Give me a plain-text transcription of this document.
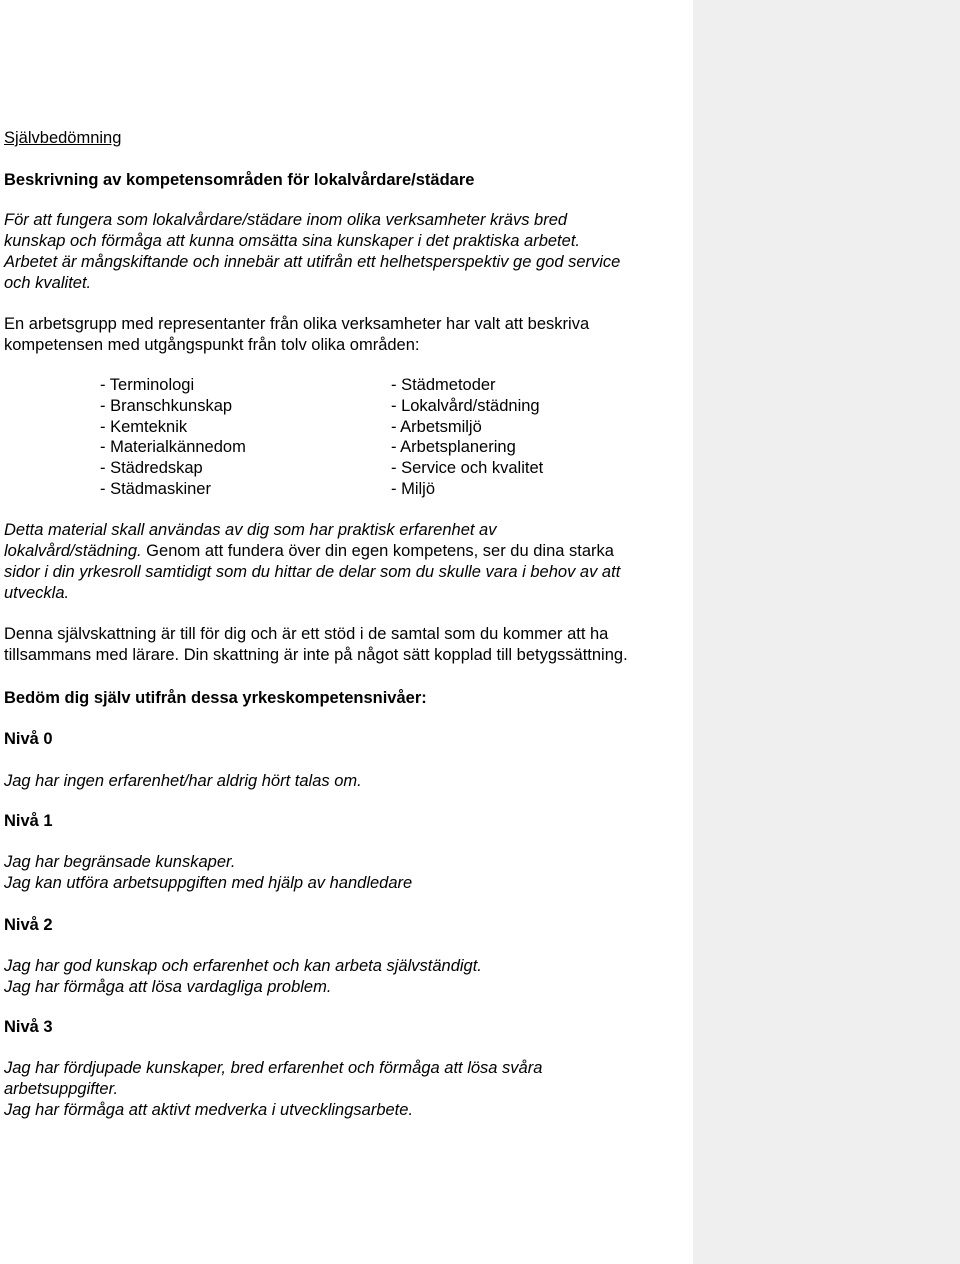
Självbedömning
Beskrivning av kompetensområden för lokalvårdare/städare
För att fungera som lokalvårdare/städare inom olika verksamheter krävs bred
kunskap och förmåga att kunna omsätta sina kunskaper i det praktiska arbetet.
Arbetet är mångskiftande och innebär att utifrån ett helhetsperspektiv ge god service
och kvalitet.
En arbetsgrupp med representanter från olika verksamheter har valt att beskriva
kompetensen med utgångspunkt från tolv olika områden:
- Terminologi
- Branschkunskap
- Kemteknik
- Materialkännedom
- Städredskap
- Städmaskiner
- Städmetoder
- Lokalvård/städning
- Arbetsmiljö
- Arbetsplanering
- Service och kvalitet
- Miljö
Detta material skall användas av dig som har praktisk erfarenhet av
lokalvård/städning. Genom att fundera över din egen kompetens, ser du dina starka
sidor i din yrkesroll samtidigt som du hittar de delar som du skulle vara i behov av att
utveckla.
Denna självskattning är till för dig och är ett stöd i de samtal som du kommer att ha
tillsammans med lärare. Din skattning är inte på något sätt kopplad till betygssättning.
Bedöm dig själv utifrån dessa yrkeskompetensnivåer:
Nivå 0
Jag har ingen erfarenhet/har aldrig hört talas om.
Nivå 1
Jag har begränsade kunskaper.
Jag kan utföra arbetsuppgiften med hjälp av handledare
Nivå 2
Jag har god kunskap och erfarenhet och kan arbeta självständigt.
Jag har förmåga att lösa vardagliga problem.
Nivå 3
Jag har fördjupade kunskaper, bred erfarenhet och förmåga att lösa svåra
arbetsuppgifter.
Jag har förmåga att aktivt medverka i utvecklingsarbete.
